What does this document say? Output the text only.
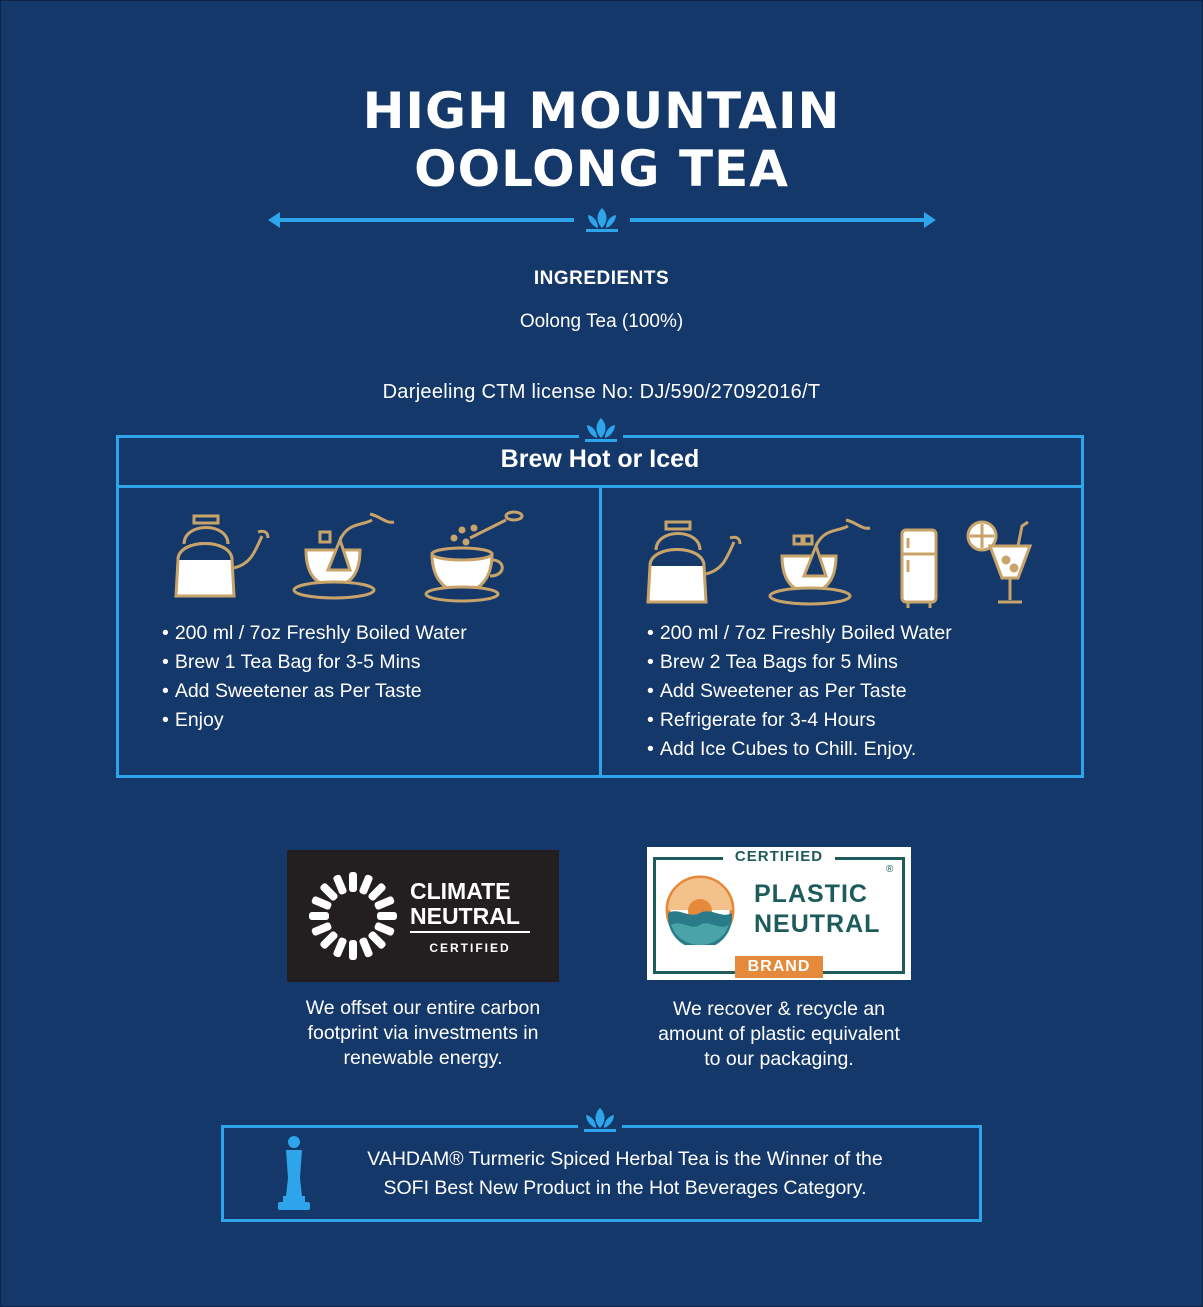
HIGH MOUNTAIN
OOLONG TEA
INGREDIENTS
Oolong Tea (100%)
Darjeeling CTM license No: DJ/590/27092016/T
Brew Hot or Iced
• 200 ml / 7oz Freshly Boiled Water
• Brew 1 Tea Bag for 3-5 Mins
• Add Sweetener as Per Taste
• Enjoy
• 200 ml / 7oz Freshly Boiled Water
• Brew 2 Tea Bags for 5 Mins
• Add Sweetener as Per Taste
• Refrigerate for 3-4 Hours
• Add Ice Cubes to Chill. Enjoy.
CLIMATE
NEUTRAL
CERTIFIED
We offset our entire carbon
footprint via investments in
renewable energy.
CERTIFIED
PLASTIC
NEUTRAL
®
BRAND
We recover & recycle an
amount of plastic equivalent
to our packaging.
VAHDAM® Turmeric Spiced Herbal Tea is the Winner of the
SOFI Best New Product in the Hot Beverages Category.
